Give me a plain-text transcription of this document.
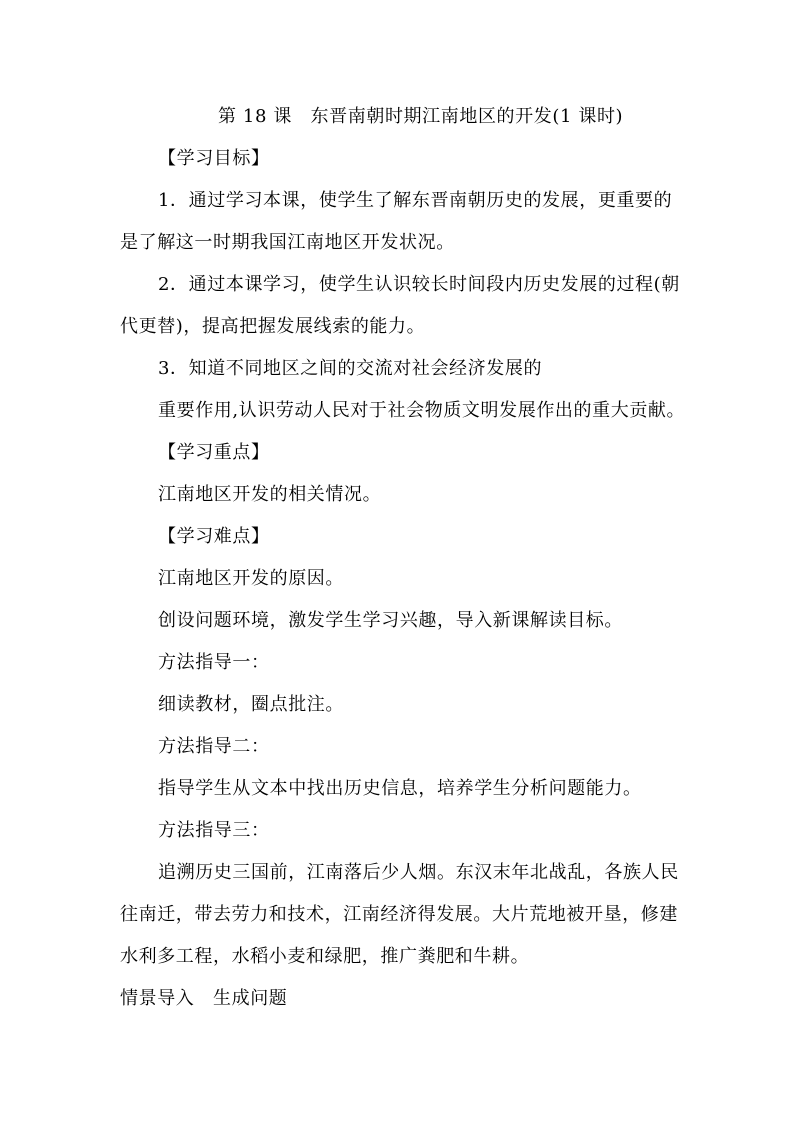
第 18 课　东晋南朝时期江南地区的开发(1 课时)
【学习目标】
1．通过学习本课，使学生了解东晋南朝历史的发展，更重要的
是了解这一时期我国江南地区开发状况。
2．通过本课学习，使学生认识较长时间段内历史发展的过程(朝
代更替)，提高把握发展线索的能力。
3．知道不同地区之间的交流对社会经济发展的
重要作用,认识劳动人民对于社会物质文明发展作出的重大贡献。
【学习重点】
江南地区开发的相关情况。
【学习难点】
江南地区开发的原因。
创设问题环境，激发学生学习兴趣，导入新课解读目标。
方法指导一：
细读教材，圈点批注。
方法指导二：
指导学生从文本中找出历史信息，培养学生分析问题能力。
方法指导三：
追溯历史三国前，江南落后少人烟。东汉末年北战乱，各族人民
往南迁，带去劳力和技术，江南经济得发展。大片荒地被开垦，修建
水利多工程，水稻小麦和绿肥，推广粪肥和牛耕。
情景导入　生成问题
